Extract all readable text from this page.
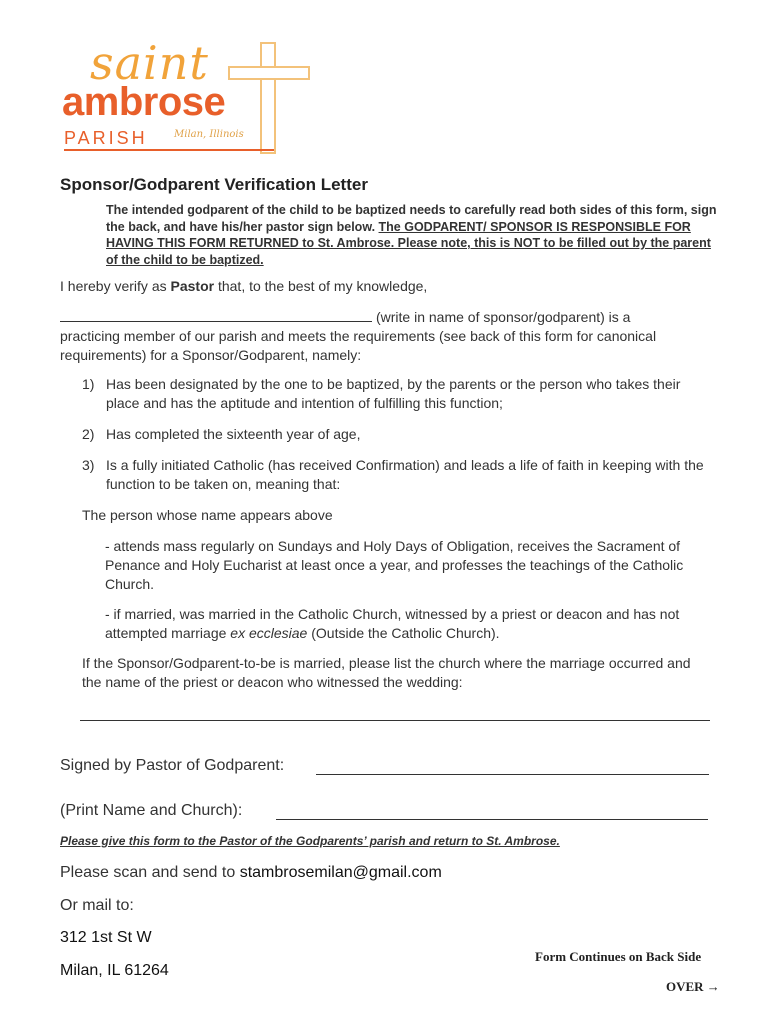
saint
ambrose
PARISH	Milan, Illinois
Sponsor/Godparent Verification Letter
The intended godparent of the child to be baptized needs to carefully read both sides of this form, sign the back, and have his/her pastor sign below. The GODPARENT/ SPONSOR IS RESPONSIBLE FOR HAVING THIS FORM RETURNED to St. Ambrose. Please note, this is NOT to be filled out by the parent of the child to be baptized.
I hereby verify as Pastor that, to the best of my knowledge,
(write in name of sponsor/godparent) is a
practicing member of our parish and meets the requirements (see back of this form for canonical requirements) for a Sponsor/Godparent, namely:
1) Has been designated by the one to be baptized, by the parents or the person who takes their place and has the aptitude and intention of fulfilling this function;
2) Has completed the sixteenth year of age,
3) Is a fully initiated Catholic (has received Confirmation) and leads a life of faith in keeping with the function to be taken on, meaning that:
The person whose name appears above
- attends mass regularly on Sundays and Holy Days of Obligation, receives the Sacrament of Penance and Holy Eucharist at least once a year, and professes the teachings of the Catholic Church.
- if married, was married in the Catholic Church, witnessed by a priest or deacon and has not attempted marriage ex ecclesiae (Outside the Catholic Church).
If the Sponsor/Godparent-to-be is married, please list the church where the marriage occurred and the name of the priest or deacon who witnessed the wedding:
Signed by Pastor of Godparent:
(Print Name and Church):
Please give this form to the Pastor of the Godparents’ parish and return to St. Ambrose.
Please scan and send to stambrosemilan@gmail.com
Or mail to:
312 1st St W
Milan, IL 61264
Form Continues on Back Side
OVER →
